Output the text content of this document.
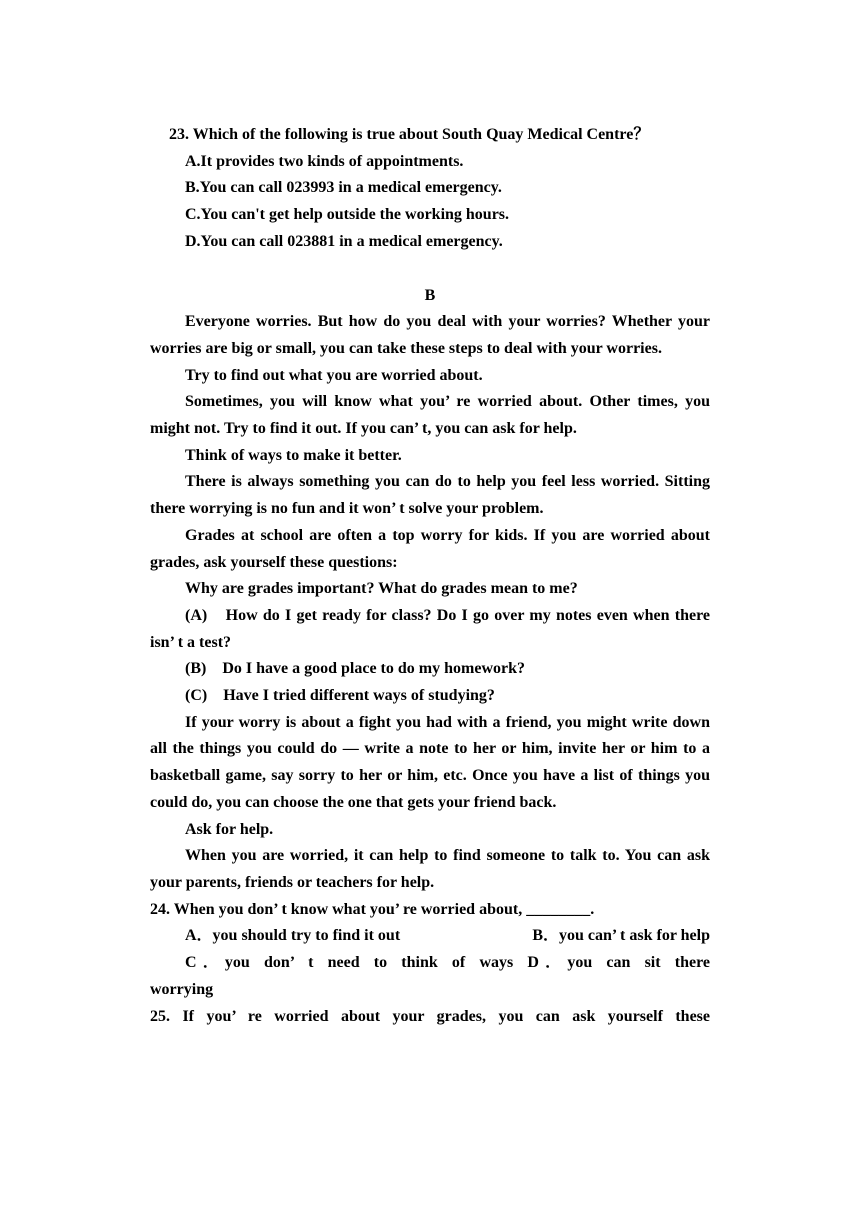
23. Which of the following is true about South Quay Medical Centre？

A.It provides two kinds of appointments.

B.You can call 023993 in a medical emergency.

C.You can't get help outside the working hours.

D.You can call 023881 in a medical emergency.

B

Everyone worries. But how do you deal with your worries? Whether your worries are big or small, you can take these steps to deal with your worries.

Try to find out what you are worried about.

Sometimes, you will know what you’ re worried about. Other times, you might not. Try to find it out. If you can’ t, you can ask for help.

Think of ways to make it better.

There is always something you can do to help you feel less worried. Sitting there worrying is no fun and it won’ t solve your problem.

Grades at school are often a top worry for kids. If you are worried about grades, ask yourself these questions:

Why are grades important? What do grades mean to me?

(A)　How do I get ready for class? Do I go over my notes even when there isn’ t a test?

(B)　Do I have a good place to do my homework?

(C)　Have I tried different ways of studying?

If your worry is about a fight you had with a friend, you might write down all the things you could do — write a note to her or him, invite her or him to a basketball game, say sorry to her or him, etc. Once you have a list of things you could do, you can choose the one that gets your friend back.

Ask for help.

When you are worried, it can help to find someone to talk to. You can ask your parents, friends or teachers for help.

24. When you don’ t know what you’ re worried about, ________.

A．you should try to find it out	B．you can’ t ask for help
C．you don’ t need to think of ways D．you can sit there

worrying

25. If you’ re worried about your grades, you can ask yourself these
